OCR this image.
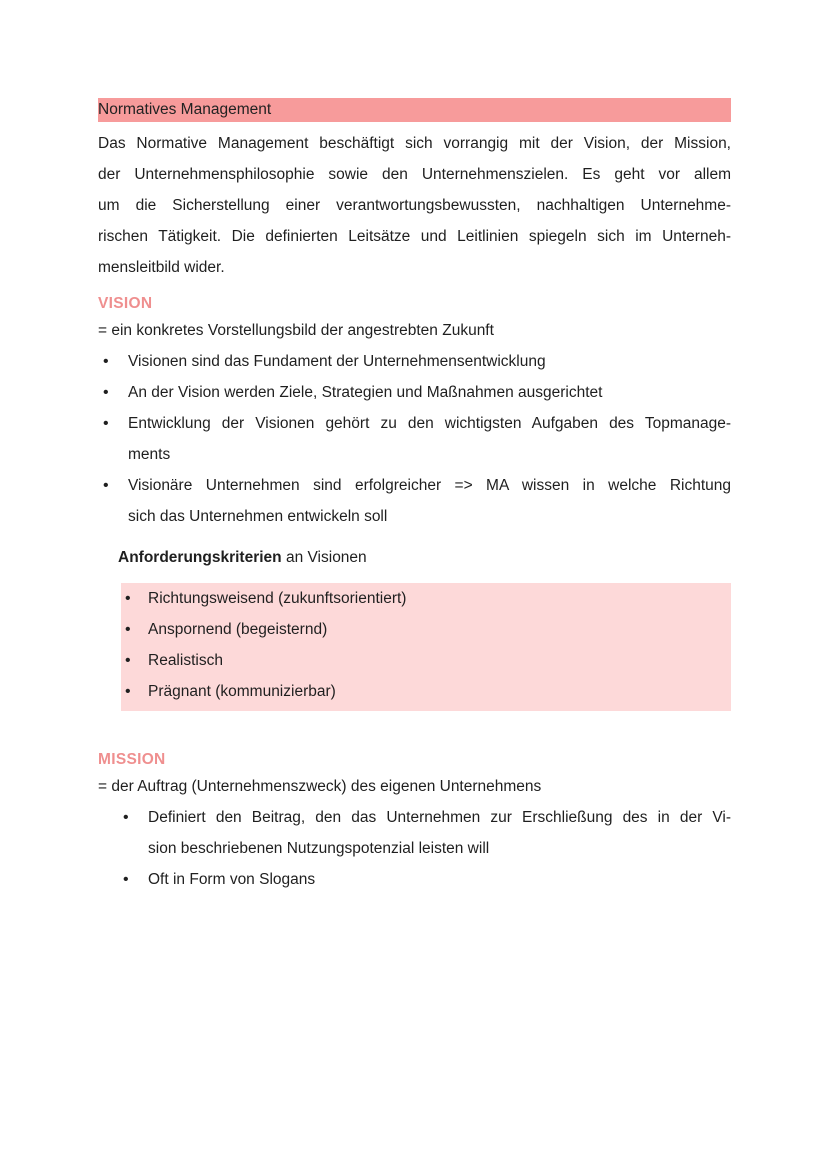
Normatives Management
Das Normative Management beschäftigt sich vorrangig mit der Vision, der Mission,
der Unternehmensphilosophie sowie den Unternehmenszielen. Es geht vor allem
um die Sicherstellung einer verantwortungsbewussten, nachhaltigen Unternehme-
rischen Tätigkeit. Die definierten Leitsätze und Leitlinien spiegeln sich im Unterneh-
mensleitbild wider.
VISION
= ein konkretes Vorstellungsbild der angestrebten Zukunft
• Visionen sind das Fundament der Unternehmensentwicklung
• An der Vision werden Ziele, Strategien und Maßnahmen ausgerichtet
• Entwicklung der Visionen gehört zu den wichtigsten Aufgaben des Topmanage-
ments
• Visionäre Unternehmen sind erfolgreicher => MA wissen in welche Richtung
sich das Unternehmen entwickeln soll
Anforderungskriterien an Visionen
• Richtungsweisend (zukunftsorientiert)
• Anspornend (begeisternd)
• Realistisch
• Prägnant (kommunizierbar)
MISSION
= der Auftrag (Unternehmenszweck) des eigenen Unternehmens
• Definiert den Beitrag, den das Unternehmen zur Erschließung des in der Vi-
sion beschriebenen Nutzungspotenzial leisten will
• Oft in Form von Slogans
